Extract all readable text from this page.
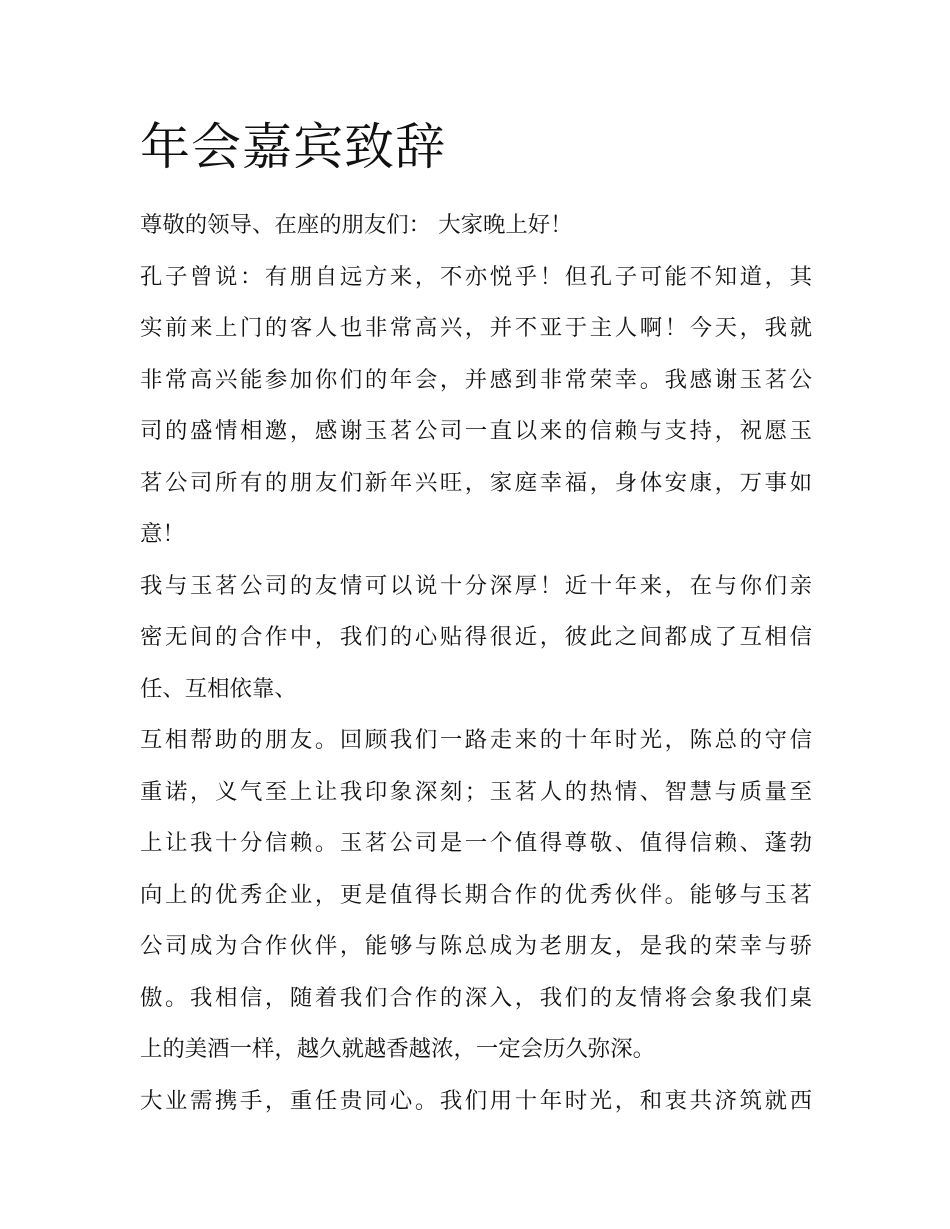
年会嘉宾致辞
尊敬的领导、在座的朋友们： 大家晚上好！
孔子曾说：有朋自远方来，不亦悦乎！但孔子可能不知道，其
实前来上门的客人也非常高兴，并不亚于主人啊！今天，我就
非常高兴能参加你们的年会，并感到非常荣幸。我感谢玉茗公
司的盛情相邀，感谢玉茗公司一直以来的信赖与支持，祝愿玉
茗公司所有的朋友们新年兴旺，家庭幸福，身体安康，万事如
意！
我与玉茗公司的友情可以说十分深厚！近十年来，在与你们亲
密无间的合作中，我们的心贴得很近，彼此之间都成了互相信
任、互相依靠、
互相帮助的朋友。回顾我们一路走来的十年时光，陈总的守信
重诺，义气至上让我印象深刻；玉茗人的热情、智慧与质量至
上让我十分信赖。玉茗公司是一个值得尊敬、值得信赖、蓬勃
向上的优秀企业，更是值得长期合作的优秀伙伴。能够与玉茗
公司成为合作伙伴，能够与陈总成为老朋友，是我的荣幸与骄
傲。我相信，随着我们合作的深入，我们的友情将会象我们桌
上的美酒一样，越久就越香越浓，一定会历久弥深。
大业需携手，重任贵同心。我们用十年时光，和衷共济筑就西
